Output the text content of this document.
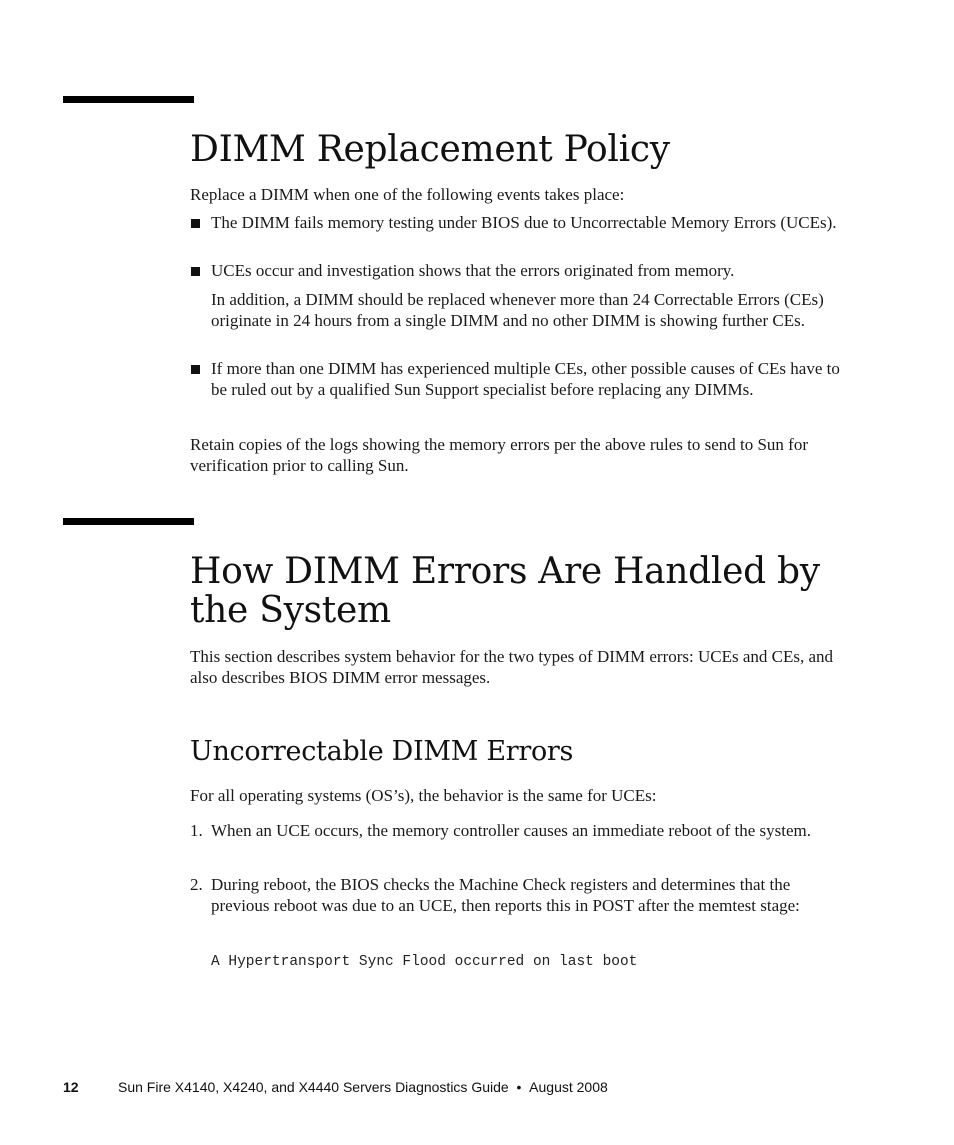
DIMM Replacement Policy

Replace a DIMM when one of the following events takes place:

The DIMM fails memory testing under BIOS due to Uncorrectable Memory Errors (UCEs).

UCEs occur and investigation shows that the errors originated from memory.

In addition, a DIMM should be replaced whenever more than 24 Correctable Errors (CEs) originate in 24 hours from a single DIMM and no other DIMM is showing further CEs.

If more than one DIMM has experienced multiple CEs, other possible causes of CEs have to be ruled out by a qualified Sun Support specialist before replacing any DIMMs.

Retain copies of the logs showing the memory errors per the above rules to send to Sun for verification prior to calling Sun.

How DIMM Errors Are Handled by the System

This section describes system behavior for the two types of DIMM errors: UCEs and CEs, and also describes BIOS DIMM error messages.

Uncorrectable DIMM Errors

For all operating systems (OS’s), the behavior is the same for UCEs:

1. When an UCE occurs, the memory controller causes an immediate reboot of the system.

2. During reboot, the BIOS checks the Machine Check registers and determines that the previous reboot was due to an UCE, then reports this in POST after the memtest stage:

A Hypertransport Sync Flood occurred on last boot
12	Sun Fire X4140, X4240, and X4440 Servers Diagnostics Guide • August 2008
